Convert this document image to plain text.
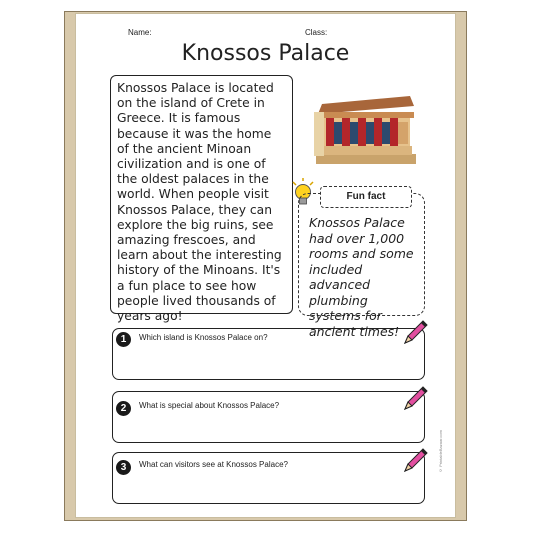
Name:	Class:
Knossos Palace

Knossos Palace is located on the island of Crete in Greece. It is famous because it was the home of the ancient Minoan civilization and is one of the oldest palaces in the world. When people visit Knossos Palace, they can explore the big ruins, see amazing frescoes, and learn about the interesting history of the Minoans. It's a fun place to see how people lived thousands of years ago!

Knossos Palace had over 1,000 rooms and some included advanced plumbing systems for ancient times!

Fun fact
1	Which island is Knossos Palace on?
2	What is special about Knossos Palace?
3	What can visitors see at Knossos Palace?	© PrintableBazaar.com
